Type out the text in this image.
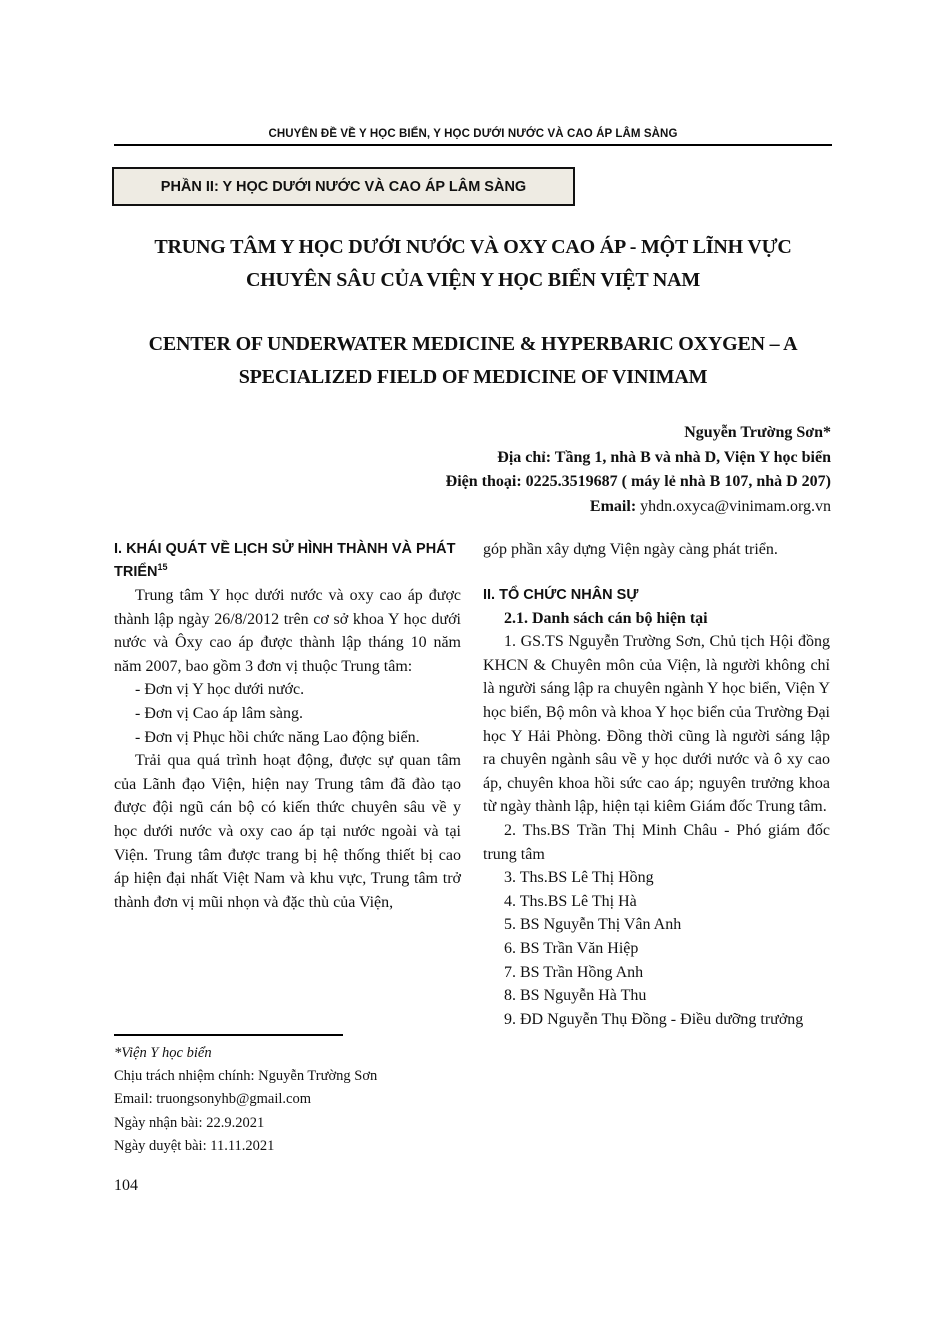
CHUYÊN ĐỀ VỀ Y HỌC BIỂN, Y HỌC DƯỚI NƯỚC VÀ CAO ÁP LÂM SÀNG
PHẦN II: Y HỌC DƯỚI NƯỚC VÀ CAO ÁP LÂM SÀNG
TRUNG TÂM Y HỌC DƯỚI NƯỚC VÀ OXY CAO ÁP - MỘT LĨNH VỰC
CHUYÊN SÂU CỦA VIỆN Y HỌC BIỂN VIỆT NAM
CENTER OF UNDERWATER MEDICINE & HYPERBARIC OXYGEN – A
SPECIALIZED FIELD OF MEDICINE OF VINIMAM
Nguyễn Trường Sơn*
Địa chỉ: Tầng 1, nhà B và nhà D, Viện Y học biển
Điện thoại: 0225.3519687 ( máy lẻ nhà B 107, nhà D 207)
Email: yhdn.oxyca@vinimam.org.vn
I. KHÁI QUÁT VỀ LỊCH SỬ HÌNH THÀNH VÀ PHÁT TRIỂN$^{15}$

Trung tâm Y học dưới nước và oxy cao áp được thành lập ngày 26/8/2012 trên cơ sở khoa Y học dưới nước và Ôxy cao áp được thành lập tháng 10 năm năm 2007, bao gồm 3 đơn vị thuộc Trung tâm:

- Đơn vị Y học dưới nước.

- Đơn vị Cao áp lâm sàng.

- Đơn vị Phục hồi chức năng Lao động biển.

Trải qua quá trình hoạt động, được sự quan tâm của Lãnh đạo Viện, hiện nay Trung tâm đã đào tạo được đội ngũ cán bộ có kiến thức chuyên sâu về y học dưới nước và oxy cao áp tại nước ngoài và tại Viện. Trung tâm được trang bị hệ thống thiết bị cao áp hiện đại nhất Việt Nam và khu vực, Trung tâm trở thành đơn vị mũi nhọn và đặc thù của Viện,

góp phần xây dựng Viện ngày càng phát triển.

II. TỔ CHỨC NHÂN SỰ

2.1. Danh sách cán bộ hiện tại

1. GS.TS Nguyễn Trường Sơn, Chủ tịch Hội đồng KHCN & Chuyên môn của Viện, là người không chỉ là người sáng lập ra chuyên ngành Y học biển, Viện Y học biển, Bộ môn và khoa Y học biển của Trường Đại học Y Hải Phòng. Đồng thời cũng là người sáng lập ra chuyên ngành sâu về y học dưới nước và ô xy cao áp, chuyên khoa hồi sức cao áp; nguyên trưởng khoa từ ngày thành lập, hiện tại kiêm Giám đốc Trung tâm.

2. Ths.BS Trần Thị Minh Châu - Phó giám đốc trung tâm

3. Ths.BS Lê Thị Hồng

4. Ths.BS Lê Thị Hà

5. BS Nguyễn Thị Vân Anh

6. BS Trần Văn Hiệp

7. BS Trần Hồng Anh

8. BS Nguyễn Hà Thu

9. ĐD Nguyễn Thụ Đồng - Điều dưỡng trưởng

*Viện Y học biển
Chịu trách nhiệm chính: Nguyễn Trường Sơn
Email: truongsonyhb@gmail.com
Ngày nhận bài: 22.9.2021
Ngày duyệt bài: 11.11.2021
104
